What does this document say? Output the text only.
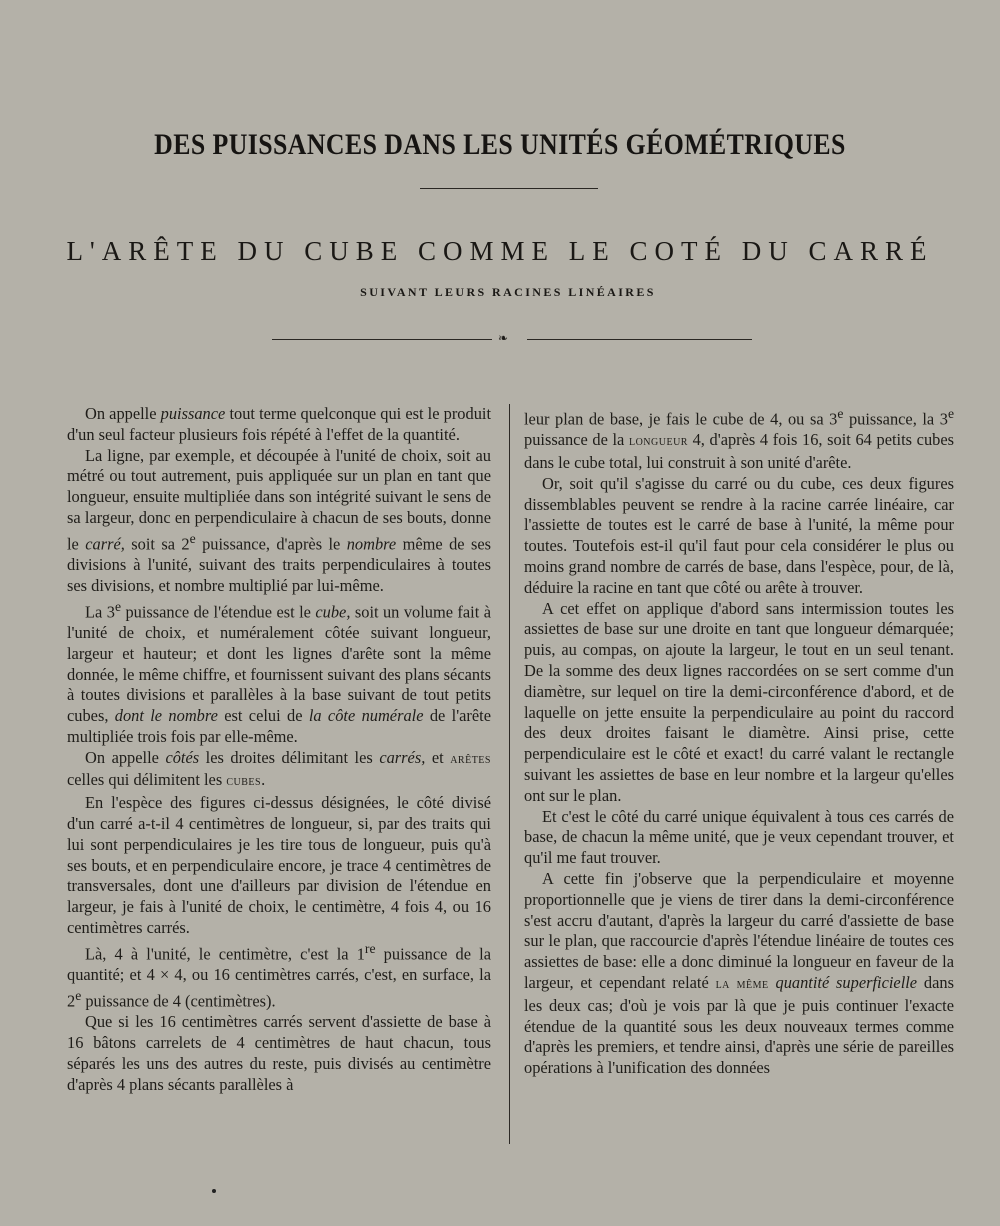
DES PUISSANCES DANS LES UNITÉS GÉOMÉTRIQUES
L'ARÊTE DU CUBE COMME LE COTÉ DU CARRÉ
SUIVANT LEURS RACINES LINÉAIRES
❧

On appelle puissance tout terme quelconque qui est le produit d'un seul facteur plusieurs fois répété à l'effet de la quantité.

La ligne, par exemple, et découpée à l'unité de choix, soit au métré ou tout autrement, puis appliquée sur un plan en tant que longueur, ensuite multipliée dans son intégrité suivant le sens de sa largeur, donc en perpendiculaire à chacun de ses bouts, donne le carré, soit sa 2e puissance, d'après le nombre même de ses divisions à l'unité, suivant des traits perpendiculaires à toutes ses divisions, et nombre multiplié par lui-même.

La 3e puissance de l'étendue est le cube, soit un volume fait à l'unité de choix, et numéralement côtée suivant longueur, largeur et hauteur; et dont les lignes d'arête sont la même donnée, le même chiffre, et fournissent suivant des plans sécants à toutes divisions et parallèles à la base suivant de tout petits cubes, dont le nombre est celui de la côte numérale de l'arête multipliée trois fois par elle-même.

On appelle côtés les droites délimitant les carrés, et arêtes celles qui délimitent les cubes.

En l'espèce des figures ci-dessus désignées, le côté divisé d'un carré a-t-il 4 centimètres de longueur, si, par des traits qui lui sont perpendiculaires je les tire tous de longueur, puis qu'à ses bouts, et en perpendiculaire encore, je trace 4 centimètres de transversales, dont une d'ailleurs par division de l'étendue en largeur, je fais à l'unité de choix, le centimètre, 4 fois 4, ou 16 centimètres carrés.

Là, 4 à l'unité, le centimètre, c'est la 1re puissance de la quantité; et 4 × 4, ou 16 centimètres carrés, c'est, en surface, la 2e puissance de 4 (centimètres).

Que si les 16 centimètres carrés servent d'assiette de base à 16 bâtons carrelets de 4 centimètres de haut chacun, tous séparés les uns des autres du reste, puis divisés au centimètre d'après 4 plans sécants parallèles à

leur plan de base, je fais le cube de 4, ou sa 3e puissance, la 3e puissance de la longueur 4, d'après 4 fois 16, soit 64 petits cubes dans le cube total, lui construit à son unité d'arête.

Or, soit qu'il s'agisse du carré ou du cube, ces deux figures dissemblables peuvent se rendre à la racine carrée linéaire, car l'assiette de toutes est le carré de base à l'unité, la même pour toutes. Toutefois est-il qu'il faut pour cela considérer le plus ou moins grand nombre de carrés de base, dans l'espèce, pour, de là, déduire la racine en tant que côté ou arête à trouver.

A cet effet on applique d'abord sans intermission toutes les assiettes de base sur une droite en tant que longueur démarquée; puis, au compas, on ajoute la largeur, le tout en un seul tenant. De la somme des deux lignes raccordées on se sert comme d'un diamètre, sur lequel on tire la demi-circonférence d'abord, et de laquelle on jette ensuite la perpendiculaire au point du raccord des deux droites faisant le diamètre. Ainsi prise, cette perpendiculaire est le côté et exact! du carré valant le rectangle suivant les assiettes de base en leur nombre et la largeur qu'elles ont sur le plan.

Et c'est le côté du carré unique équivalent à tous ces carrés de base, de chacun la même unité, que je veux cependant trouver, et qu'il me faut trouver.

A cette fin j'observe que la perpendiculaire et moyenne proportionnelle que je viens de tirer dans la demi-circonférence s'est accru d'autant, d'après la largeur du carré d'assiette de base sur le plan, que raccourcie d'après l'étendue linéaire de toutes ces assiettes de base: elle a donc diminué la longueur en faveur de la largeur, et cependant relaté la même quantité superficielle dans les deux cas; d'où je vois par là que je puis continuer l'exacte étendue de la quantité sous les deux nouveaux termes comme d'après les premiers, et tendre ainsi, d'après une série de pareilles opérations à l'unification des données
